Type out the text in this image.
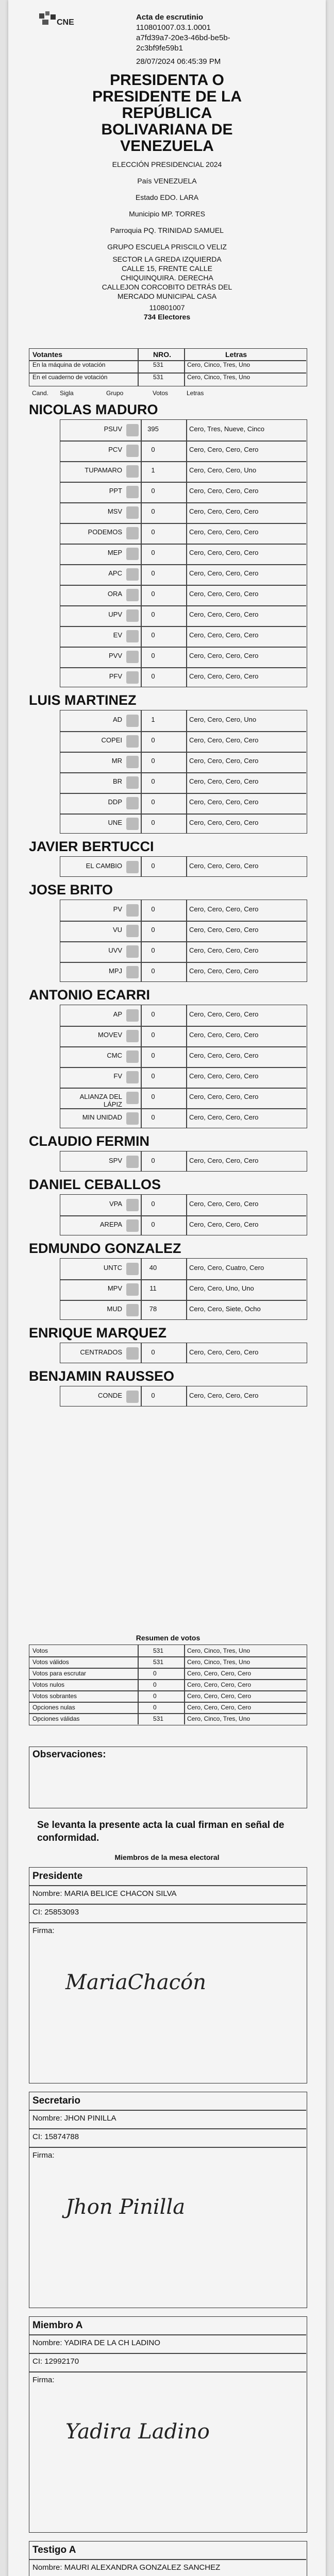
CNE
Acta de escrutinio
110801007.03.1.0001
a7fd39a7-20e3-46bd-be5b-
2c3bf9fe59b1
28/07/2024 06:45:39 PM
PRESIDENTA O
PRESIDENTE DE LA
REPÚBLICA
BOLIVARIANA DE
VENEZUELA
ELECCIÓN PRESIDENCIAL 2024
País VENEZUELA
Estado EDO. LARA
Municipio MP. TORRES
Parroquia PQ. TRINIDAD SAMUEL
GRUPO ESCUELA PRISCILO VELIZ
SECTOR LA GREDA IZQUIERDA
CALLE 15, FRENTE CALLE
CHIQUINQUIRA. DERECHA
CALLEJON CORCOBITO DETRÁS DEL
MERCADO MUNICIPAL CASA
110801007
734 Electores
Votantes	NRO.	Letras
En la máquina de votación	531	Cero, Cinco, Tres, Uno
En el cuaderno de votación	531	Cero, Cinco, Tres, Uno
Cand. Sigla	Grupo	Votos	Letras
NICOLAS MADURO
PSUV	395	Cero, Tres, Nueve, Cinco
PCV	0	Cero, Cero, Cero, Cero
TUPAMARO	1	Cero, Cero, Cero, Uno
PPT	0	Cero, Cero, Cero, Cero
MSV	0	Cero, Cero, Cero, Cero
PODEMOS	0	Cero, Cero, Cero, Cero
MEP	0	Cero, Cero, Cero, Cero
APC	0	Cero, Cero, Cero, Cero
ORA	0	Cero, Cero, Cero, Cero
UPV	0	Cero, Cero, Cero, Cero
EV	0	Cero, Cero, Cero, Cero
PVV	0	Cero, Cero, Cero, Cero
PFV	0	Cero, Cero, Cero, Cero
LUIS MARTINEZ
AD	1	Cero, Cero, Cero, Uno
COPEI	0	Cero, Cero, Cero, Cero
MR	0	Cero, Cero, Cero, Cero
BR	0	Cero, Cero, Cero, Cero
DDP	0	Cero, Cero, Cero, Cero
UNE	0	Cero, Cero, Cero, Cero
JAVIER BERTUCCI
EL CAMBIO	0	Cero, Cero, Cero, Cero
JOSE BRITO
PV	0	Cero, Cero, Cero, Cero
VU	0	Cero, Cero, Cero, Cero
UVV	0	Cero, Cero, Cero, Cero
MPJ	0	Cero, Cero, Cero, Cero
ANTONIO ECARRI
AP	0	Cero, Cero, Cero, Cero
MOVEV	0	Cero, Cero, Cero, Cero
CMC	0	Cero, Cero, Cero, Cero
FV	0	Cero, Cero, Cero, Cero
ALIANZA DEL LÁPIZ
0	Cero, Cero, Cero, Cero
MIN UNIDAD	0	Cero, Cero, Cero, Cero
CLAUDIO FERMIN
SPV	0	Cero, Cero, Cero, Cero
DANIEL CEBALLOS
VPA	0	Cero, Cero, Cero, Cero
AREPA	0	Cero, Cero, Cero, Cero
EDMUNDO GONZALEZ
UNTC	40	Cero, Cero, Cuatro, Cero
MPV	11	Cero, Cero, Uno, Uno
MUD	78	Cero, Cero, Siete, Ocho
ENRIQUE MARQUEZ
CENTRADOS	0	Cero, Cero, Cero, Cero
BENJAMIN RAUSSEO
CONDE	0	Cero, Cero, Cero, Cero
Resumen de votos
Votos	531	Cero, Cinco, Tres, Uno
Votos válidos	531	Cero, Cinco, Tres, Uno
Votos para escrutar	0	Cero, Cero, Cero, Cero
Votos nulos	0	Cero, Cero, Cero, Cero
Votos sobrantes	0	Cero, Cero, Cero, Cero
Opciones nulas	0	Cero, Cero, Cero, Cero
Opciones válidas	531	Cero, Cinco, Tres, Uno
Observaciones:
Se levanta la presente acta la cual firman en señal de conformidad.
Miembros de la mesa electoral
Presidente
Nombre: MARIA BELICE CHACON SILVA
CI: 25853093
Firma:
MariaChacón
Secretario
Nombre: JHON PINILLA
CI: 15874788
Firma:
Jhon Pinilla
Miembro A
Nombre: YADIRA DE LA CH LADINO
CI: 12992170
Firma:
Yadira Ladino
Testigo A
Nombre: MAURI ALEXANDRA GONZALEZ SANCHEZ
